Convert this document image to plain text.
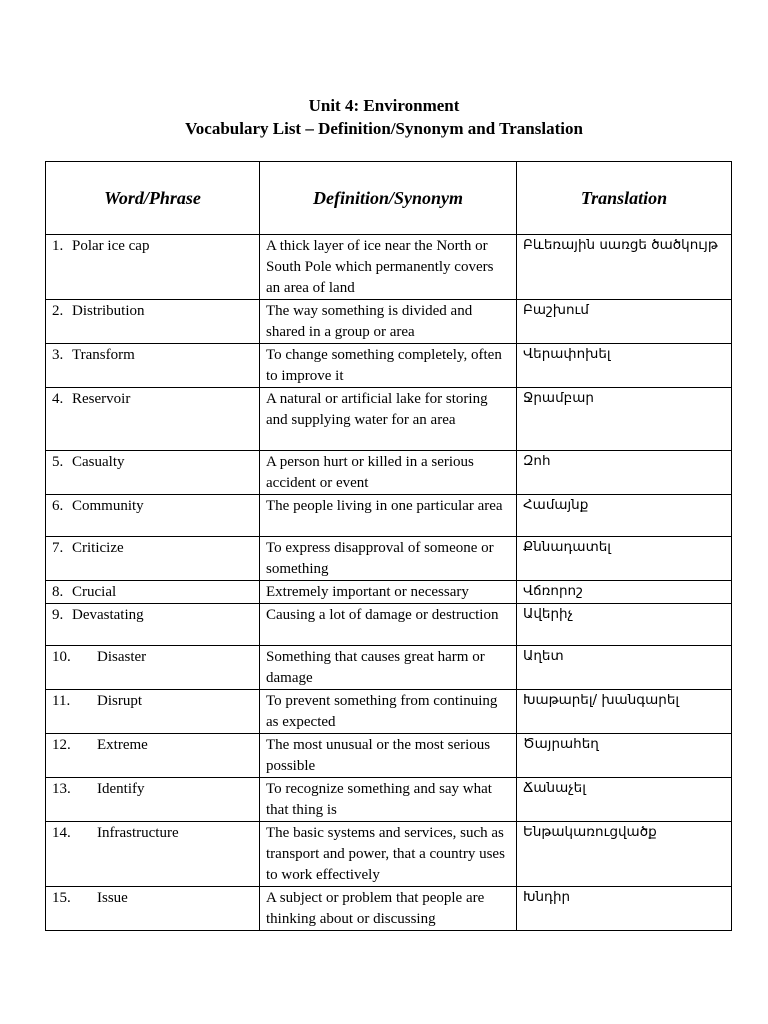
Unit 4: Environment
Vocabulary List – Definition/Synonym and Translation
Word/Phrase	Definition/Synonym	Translation
1. Polar ice cap	A thick layer of ice near the North or South Pole which permanently covers an area of land	Բևեռային սառցե ծածկույթ
2. Distribution	The way something is divided and shared in a group or area	Բաշխում
3. Transform	To change something completely, often to improve it	Վերափոխել
4. Reservoir	A natural or artificial lake for storing and supplying water for an area	Ջրամբար
5. Casualty	A person hurt or killed in a serious accident or event	Զոհ
6. Community	The people living in one particular area	Համայնք
7. Criticize	To express disapproval of someone or something	Քննադատել
8. Crucial	Extremely important or necessary	Վճռորոշ
9. Devastating	Causing a lot of damage or destruction	Ավերիչ
10. Disaster	Something that causes great harm or damage	Աղետ
11. Disrupt	To prevent something from continuing as expected	Խաթարել/ խանգարել
12. Extreme	The most unusual or the most serious possible	Ծայրահեղ
13. Identify	To recognize something and say what that thing is	Ճանաչել
14. Infrastructure	The basic systems and services, such as transport and power, that a country uses to work effectively	Ենթակառուցվածք
15. Issue	A subject or problem that people are thinking about or discussing	Խնդիր
